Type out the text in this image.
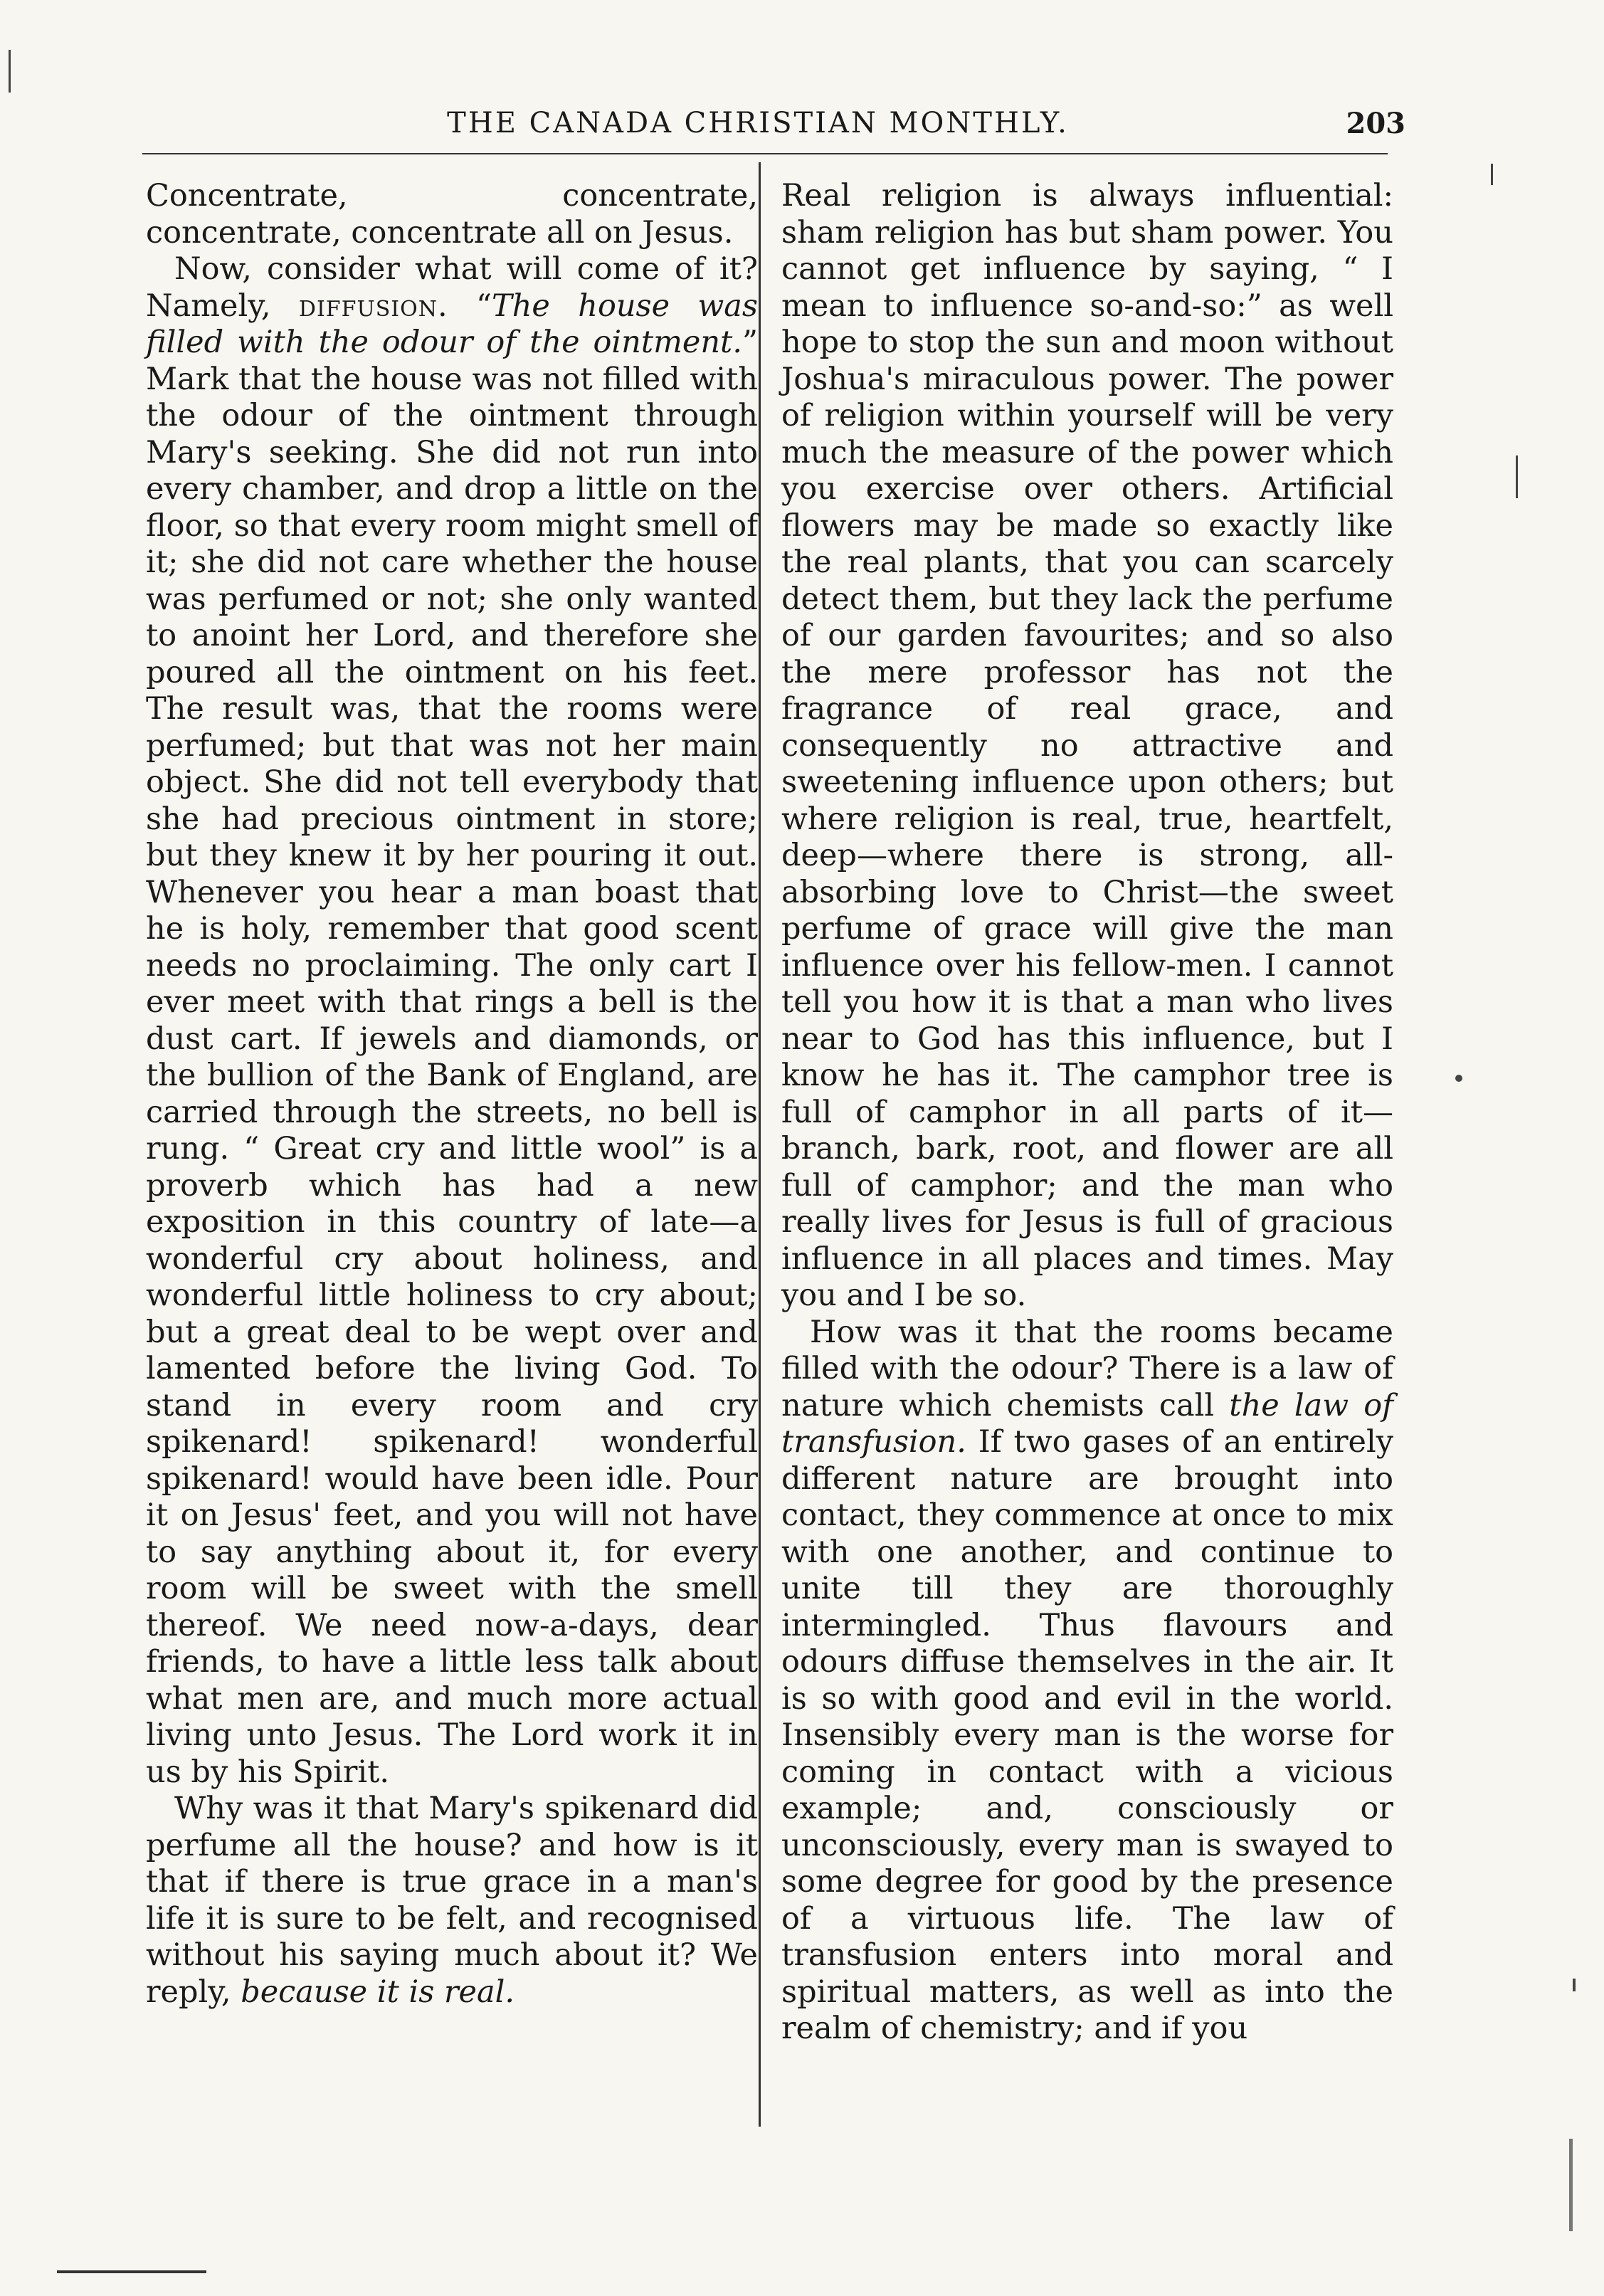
THE CANADA CHRISTIAN MONTHLY.	203

Concentrate, concentrate, concentrate, concentrate all on Jesus.

Now, consider what will come of it? Namely, diffusion. “The house was filled with the odour of the ointment.” Mark that the house was not filled with the odour of the ointment through Mary's seeking. She did not run into every chamber, and drop a little on the floor, so that every room might smell of it; she did not care whether the house was perfumed or not; she only wanted to anoint her Lord, and therefore she poured all the ointment on his feet. The result was, that the rooms were perfumed; but that was not her main object. She did not tell everybody that she had precious ointment in store; but they knew it by her pouring it out. Whenever you hear a man boast that he is holy, remember that good scent needs no proclaiming. The only cart I ever meet with that rings a bell is the dust cart. If jewels and diamonds, or the bullion of the Bank of England, are carried through the streets, no bell is rung. “ Great cry and little wool” is a proverb which has had a new exposition in this country of late—a wonderful cry about holiness, and wonderful little holiness to cry about; but a great deal to be wept over and lamented before the living God. To stand in every room and cry spikenard! spikenard! wonderful spikenard! would have been idle. Pour it on Jesus' feet, and you will not have to say anything about it, for every room will be sweet with the smell thereof. We need now-a-days, dear friends, to have a little less talk about what men are, and much more actual living unto Jesus. The Lord work it in us by his Spirit.

Why was it that Mary's spikenard did perfume all the house? and how is it that if there is true grace in a man's life it is sure to be felt, and recognised without his saying much about it? We reply, because it is real.

Real religion is always influential: sham religion has but sham power. You cannot get influence by saying, “ I mean to influence so-and-so:” as well hope to stop the sun and moon without Joshua's miraculous power. The power of religion within yourself will be very much the measure of the power which you exercise over others. Artificial flowers may be made so exactly like the real plants, that you can scarcely detect them, but they lack the perfume of our garden favourites; and so also the mere professor has not the fragrance of real grace, and consequently no attractive and sweetening influence upon others; but where religion is real, true, heartfelt, deep—where there is strong, all-absorbing love to Christ—the sweet perfume of grace will give the man influence over his fellow-men. I cannot tell you how it is that a man who lives near to God has this influence, but I know he has it. The camphor tree is full of camphor in all parts of it—branch, bark, root, and flower are all full of camphor; and the man who really lives for Jesus is full of gracious influence in all places and times. May you and I be so.

How was it that the rooms became filled with the odour? There is a law of nature which chemists call the law of transfusion. If two gases of an entirely different nature are brought into contact, they commence at once to mix with one another, and continue to unite till they are thoroughly intermingled. Thus flavours and odours diffuse themselves in the air. It is so with good and evil in the world. Insensibly every man is the worse for coming in contact with a vicious example; and, consciously or unconsciously, every man is swayed to some degree for good by the presence of a virtuous life. The law of transfusion enters into moral and spiritual matters, as well as into the realm of chemistry; and if you
